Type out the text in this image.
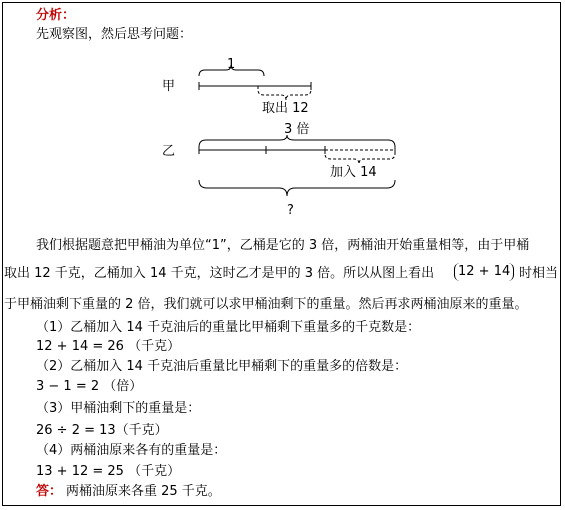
分析：
先观察图，然后思考问题：
甲
1
取出 12
乙
3 倍
加入 14
?
我们根据题意把甲桶油为单位“1”，乙桶是它的 3 倍，两桶油开始重量相等，由于甲桶
取出 12 千克，乙桶加入 14 千克，这时乙才是甲的 3 倍。所以从图上看出	12 + 14 时相当
于甲桶油剩下重量的 2 倍，我们就可以求甲桶油剩下的重量。然后再求两桶油原来的重量。
（1）乙桶加入 14 千克油后的重量比甲桶剩下重量多的千克数是：
12 + 14 = 26 （千克）
（2）乙桶加入 14 千克油后重量比甲桶剩下的重量多的倍数是：
3 − 1 = 2 （倍）
（3）甲桶油剩下的重量是：
26 ÷ 2 = 13（千克）
（4）两桶油原来各有的重量是：
13 + 12 = 25 （千克）
答： 两桶油原来各重 25 千克。
